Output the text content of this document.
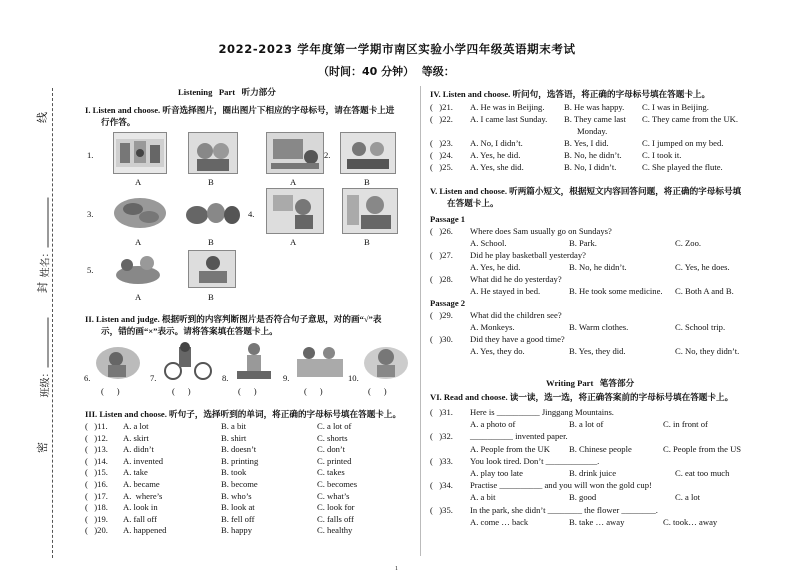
2022-2023 学年度第一学期市南区实验小学四年级英语期末考试
（时间：40 分钟）  等级：
线
姓名：
封
班级：
密
Listening   Part   听力部分
I. Listen and choose. 听音选择图片，圈出图片下相应的字母标号，请在答题卡上进
行作答。
1.	2.
A	B	A	B
3.	4.
A	B	A	B
5.
A	B
II. Listen and judge. 根据听到的内容判断图片是否符合句子意思，对的画“√”表
示，错的画“×”表示。请将答案填在答题卡上。
6.	7.	8.	9.	10.
(      )	(      )	(      )	(      )	(      )
III. Listen and choose. 听句子，选择听到的单词，将正确的字母标号填在答题卡上。
(   )11. A. a lot	B. a bit	C. a lot of
(   )12. A. skirt	B. shirt	C. shorts
(   )13. A. didn’t	B. doesn’t	C. don’t
(   )14. A. invented	B. printing	C. printed
(   )15. A. take	B. took	C. takes
(   )16. A. became	B. become	C. becomes
(   )17. A.  where’s	B. who’s	C. what’s
(   )18. A. look in	B. look at	C. look for
(   )19. A. fall off	B. fell off	C. falls off
(   )20. A. happened	B. happy	C. healthy
IV. Listen and choose. 听问句，选答语，将正确的字母标号填在答题卡上。
(   )21. A. He was in Beijing. B. He was happy. C. I was in Beijing.
(   )22. A. I came last Sunday. B. They came last C. They came from the UK.
Monday.
(   )23. A. No, I didn’t.	B. Yes, I did.	C. I jumped on my bed.
(   )24. A. Yes, he did.	B. No, he didn’t. C. I took it.
(   )25. A. Yes, she did.	B. No, I didn’t.	C. She played the flute.
V. Listen and choose. 听两篇小短文，根据短文内容回答问题，将正确的字母标号填
在答题卡上。
Passage 1
(   )26. Where does Sam usually go on Sundays?
A. School.	B. Park.	C. Zoo.
(   )27. Did he play basketball yesterday?
A. Yes, he did.	B. No, he didn’t.	C. Yes, he does.
(   )28. What did he do yesterday?
A. He stayed in bed.	B. He took some medicine. C. Both A and B.
Passage 2
(   )29. What did the children see?
A. Monkeys.	B. Warm clothes.	C. School trip.
(   )30. Did they have a good time?
A. Yes, they do.	B. Yes, they did.	C. No, they didn’t.
Writing Part   笔答部分
VI. Read and choose. 读一读，选一选，将正确答案前的字母标号填在答题卡上。
(   )31. Here is __________ Jinggang Mountains.
A. a photo of	B. a lot of	C. in front of
(   )32. __________ invented paper.
A. People from the UK B. Chinese people	C. People from the US
(   )33. You look tired. Don’t ____________.
A. play too late	B. drink juice	C. eat too much
(   )34. Practise __________ and you will won the gold cup!
A. a bit	B. good	C. a lot
(   )35. In the park, she didn’t ________ the flower ________.
A. come … back	B. take … away	C. took… away
1
